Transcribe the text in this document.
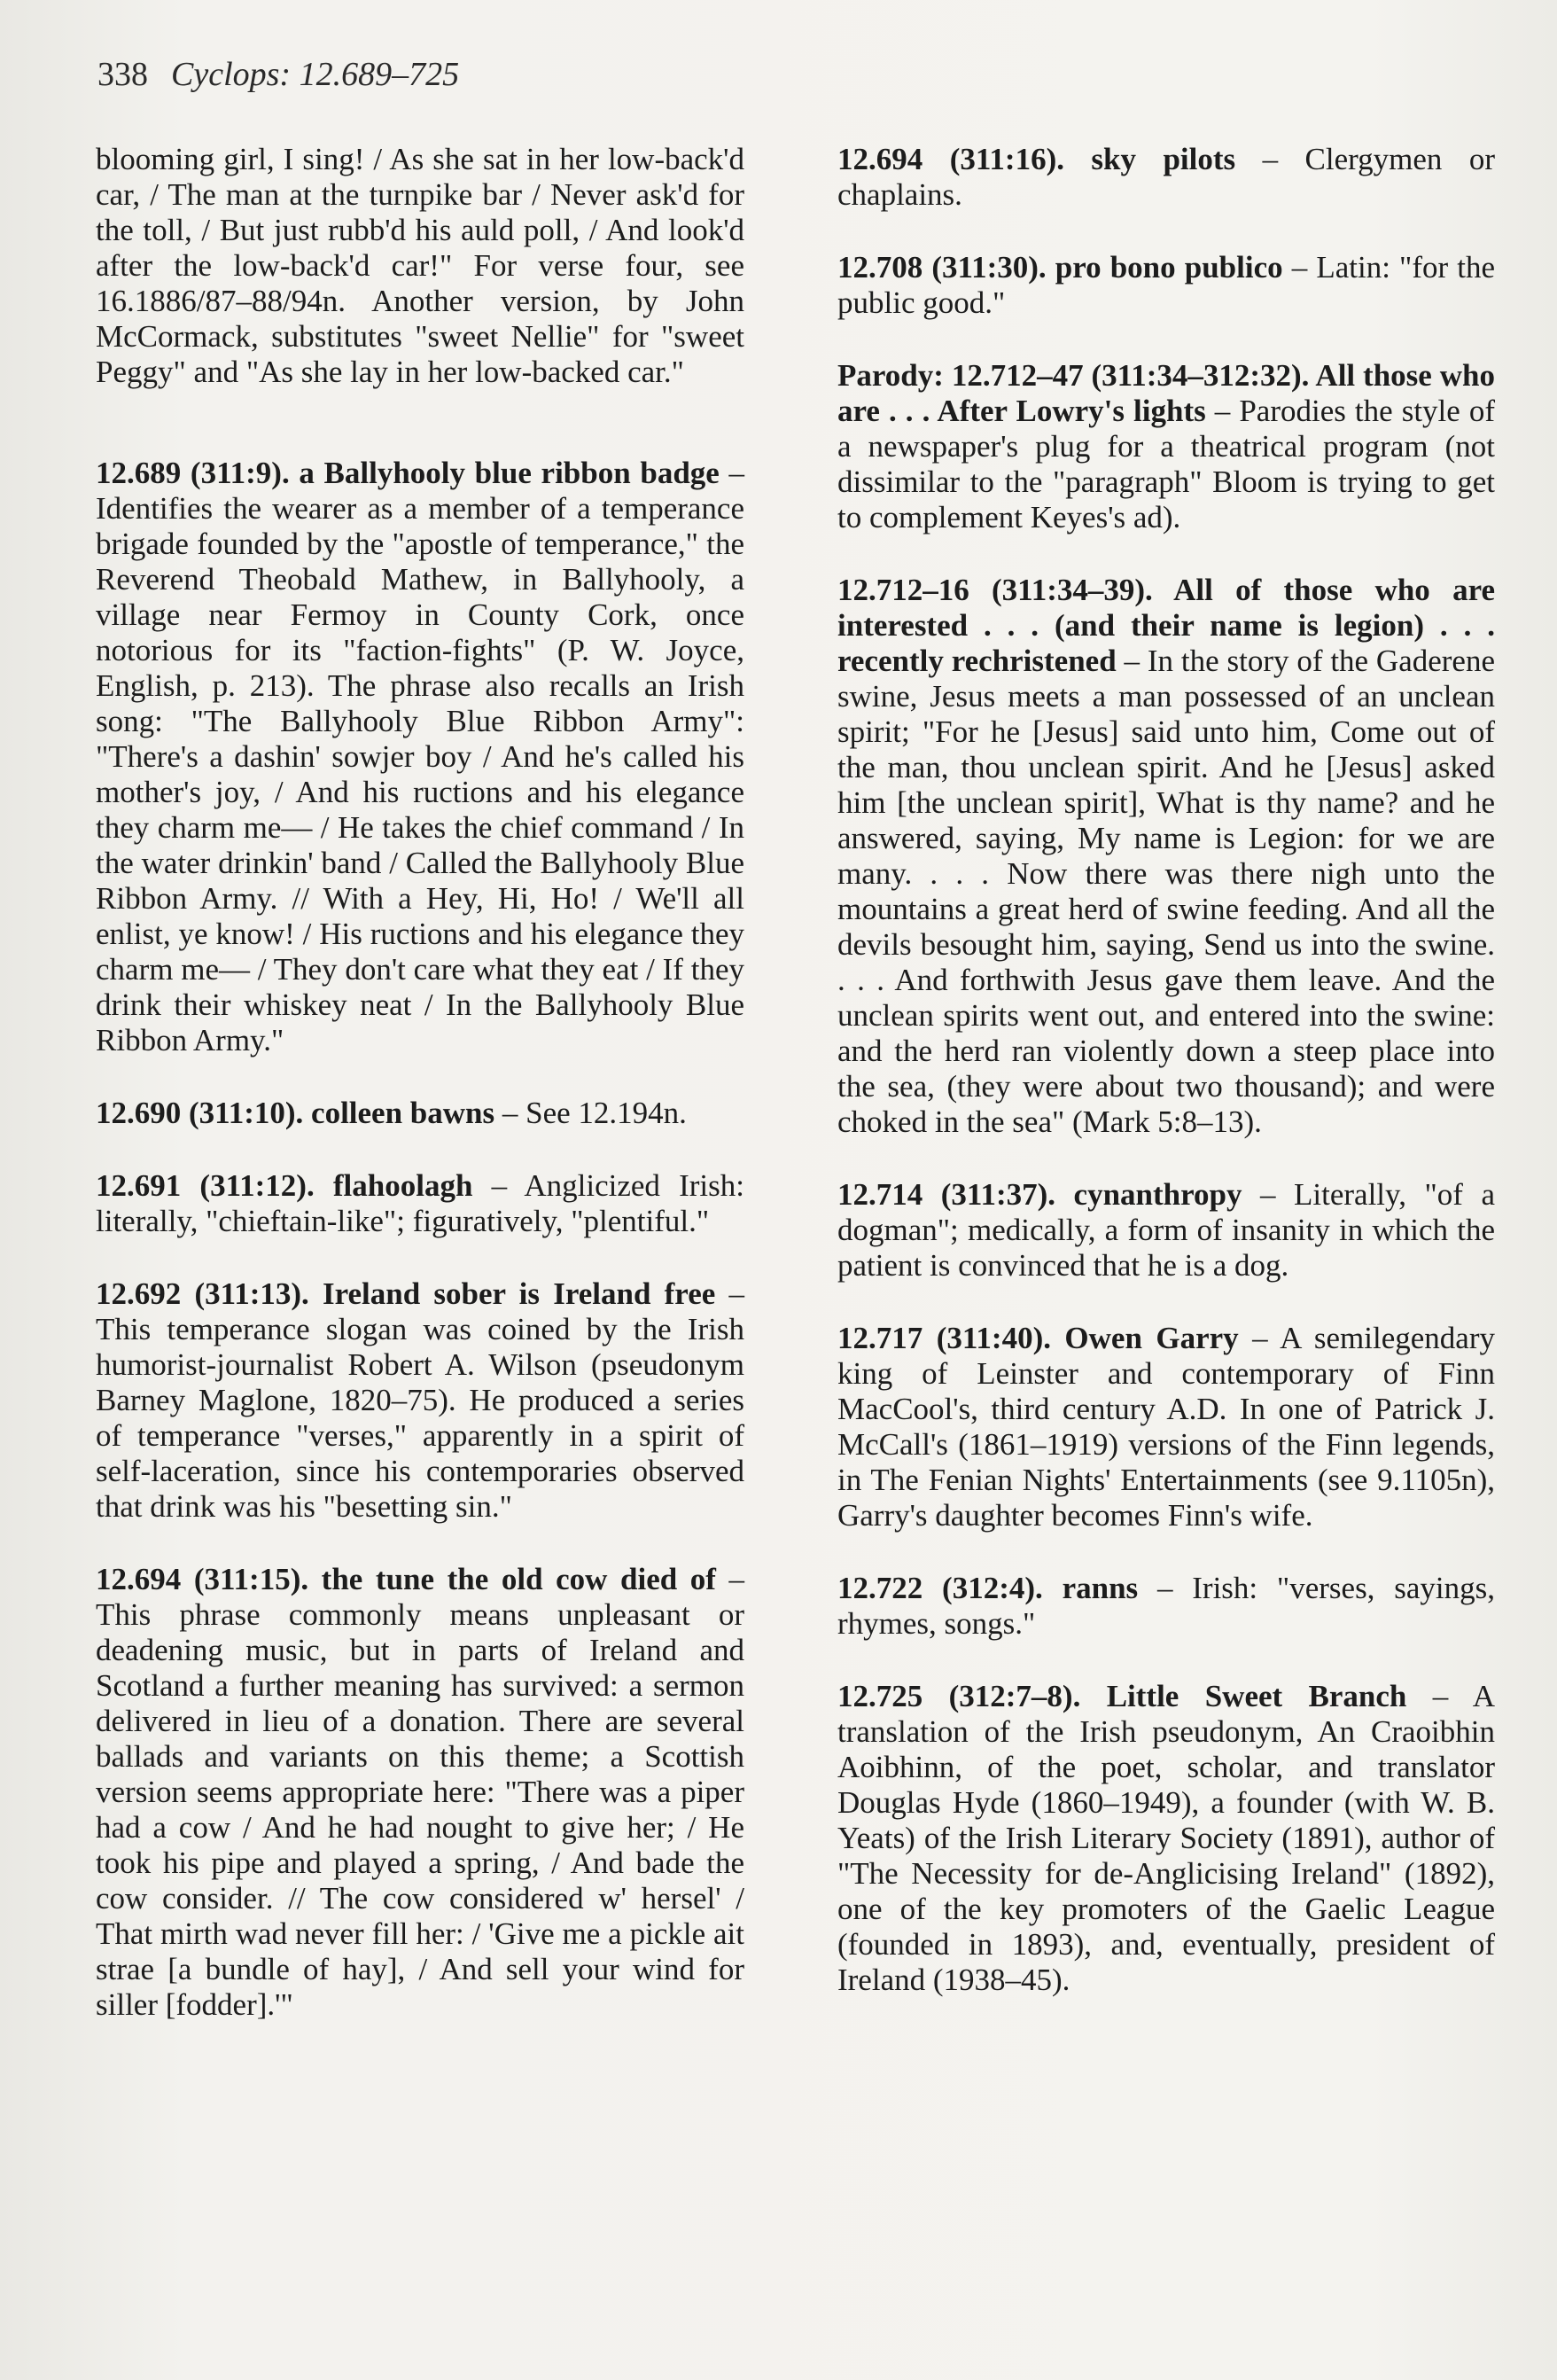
338 Cyclops: 12.689–725

blooming girl, I sing! / As she sat in her low-back'd car, / The man at the turnpike bar / Never ask'd for the toll, / But just rubb'd his auld poll, / And look'd after the low-back'd car!" For verse four, see 16.1886/87–88/94n. Another version, by John McCormack, substitutes "sweet Nellie" for "sweet Peggy" and "As she lay in her low-backed car."

12.689 (311:9). a Ballyhooly blue ribbon badge – Identifies the wearer as a member of a temperance brigade founded by the "apostle of temperance," the Reverend Theobald Mathew, in Ballyhooly, a village near Fermoy in County Cork, once notorious for its "faction-fights" (P. W. Joyce, English, p. 213). The phrase also recalls an Irish song: "The Ballyhooly Blue Ribbon Army": "There's a dashin' sowjer boy / And he's called his mother's joy, / And his ructions and his elegance they charm me— / He takes the chief command / In the water drinkin' band / Called the Ballyhooly Blue Ribbon Army. // With a Hey, Hi, Ho! / We'll all enlist, ye know! / His ructions and his elegance they charm me— / They don't care what they eat / If they drink their whiskey neat / In the Ballyhooly Blue Ribbon Army."

12.690 (311:10). colleen bawns – See 12.194n.

12.691 (311:12). flahoolagh – Anglicized Irish: literally, "chieftain-like"; figuratively, "plentiful."

12.692 (311:13). Ireland sober is Ireland free – This temperance slogan was coined by the Irish humorist-journalist Robert A. Wilson (pseudonym Barney Maglone, 1820–75). He produced a series of temperance "verses," apparently in a spirit of self-laceration, since his contemporaries observed that drink was his "besetting sin."

12.694 (311:15). the tune the old cow died of – This phrase commonly means unpleasant or deadening music, but in parts of Ireland and Scotland a further meaning has survived: a sermon delivered in lieu of a donation. There are several ballads and variants on this theme; a Scottish version seems appropriate here: "There was a piper had a cow / And he had nought to give her; / He took his pipe and played a spring, / And bade the cow consider. // The cow considered w' hersel' / That mirth wad never fill her: / 'Give me a pickle ait strae [a bundle of hay], / And sell your wind for siller [fodder].'"

12.694 (311:16). sky pilots – Clergymen or chaplains.

12.708 (311:30). pro bono publico – Latin: "for the public good."

Parody: 12.712–47 (311:34–312:32). All those who are . . . After Lowry's lights – Parodies the style of a newspaper's plug for a theatrical program (not dissimilar to the "paragraph" Bloom is trying to get to complement Keyes's ad).

12.712–16 (311:34–39). All of those who are interested . . . (and their name is legion) . . . recently rechristened – In the story of the Gaderene swine, Jesus meets a man possessed of an unclean spirit; "For he [Jesus] said unto him, Come out of the man, thou unclean spirit. And he [Jesus] asked him [the unclean spirit], What is thy name? and he answered, saying, My name is Legion: for we are many. . . . Now there was there nigh unto the mountains a great herd of swine feeding. And all the devils besought him, saying, Send us into the swine. . . . And forthwith Jesus gave them leave. And the unclean spirits went out, and entered into the swine: and the herd ran violently down a steep place into the sea, (they were about two thousand); and were choked in the sea" (Mark 5:8–13).

12.714 (311:37). cynanthropy – Literally, "of a dogman"; medically, a form of insanity in which the patient is convinced that he is a dog.

12.717 (311:40). Owen Garry – A semilegendary king of Leinster and contemporary of Finn MacCool's, third century A.D. In one of Patrick J. McCall's (1861–1919) versions of the Finn legends, in The Fenian Nights' Entertainments (see 9.1105n), Garry's daughter becomes Finn's wife.

12.722 (312:4). ranns – Irish: "verses, sayings, rhymes, songs."

12.725 (312:7–8). Little Sweet Branch – A translation of the Irish pseudonym, An Craoibhin Aoibhinn, of the poet, scholar, and translator Douglas Hyde (1860–1949), a founder (with W. B. Yeats) of the Irish Literary Society (1891), author of "The Necessity for de-Anglicising Ireland" (1892), one of the key promoters of the Gaelic League (founded in 1893), and, eventually, president of Ireland (1938–45).
